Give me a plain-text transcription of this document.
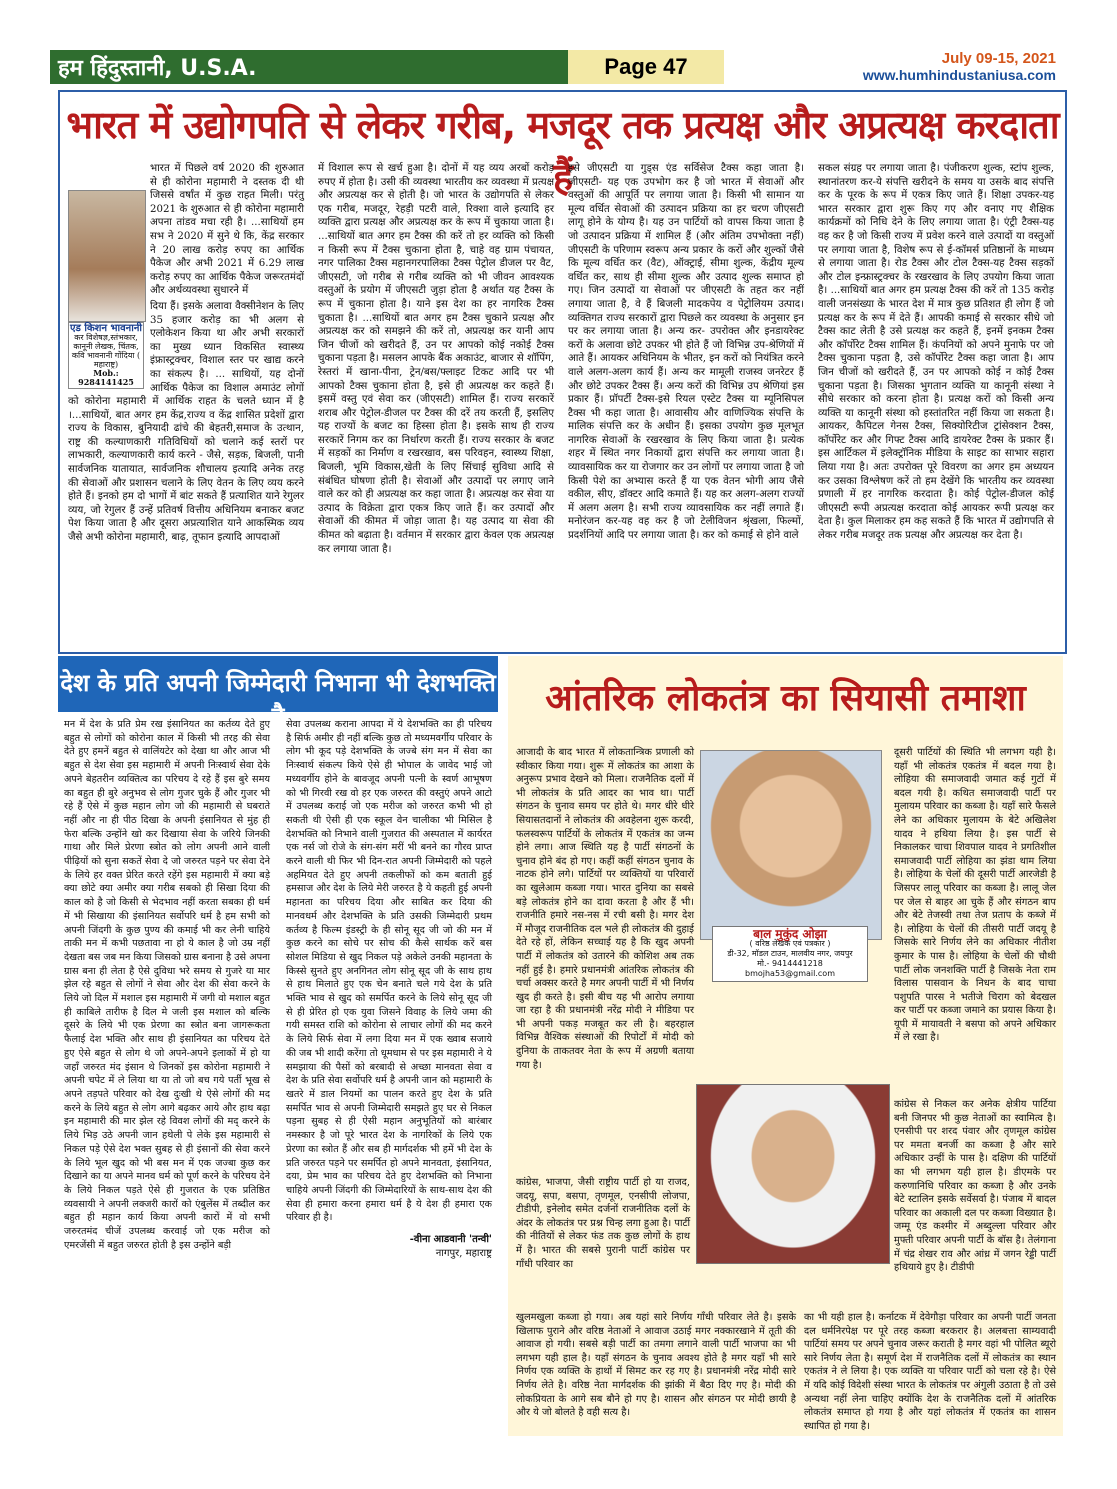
हम हिंदुस्तानी, U.S.A.	Page 47	July 09-15, 2021
www.humhindustaniusa.com
भारत में उद्योगपति से लेकर गरीब, मजदूर तक प्रत्यक्ष और अप्रत्यक्ष करदाता हैं
एड किशन भावनानी
कर विशेषज्ञ,स्तंभकार, कानूनी लेखक, चिंतक, कवि भावनानी गोंदिया ( महाराष्ट्र)
Mob.: 9284141425

भारत में पिछले वर्ष 2020 की शुरुआत से ही कोरोना महामारी ने दस्तक दी थी जिससे वर्षांत में कुछ राहत मिली। परंतु 2021 के शुरुआत से ही कोरोना महामारी अपना तांडव मचा रही है। ...साथियों हम सभ ने 2020 में सुने थे कि, केंद्र सरकार ने 20 लाख करोड़ रुपए का आर्थिक पैकेज और अभी 2021 में 6.29 लाख करोड़ रुपए का आर्थिक पैकेज जरूरतमंदों और अर्थव्यवस्था सुधारने में

दिया हैं। इसके अलावा वैक्सीनेशन के लिए 35 हजार करोड़ का भी अलग से एलोकेशन किया था और अभी सरकारों का मुख्य ध्यान विकसित स्वास्थ्य इंफ्रास्ट्रक्चर, विशाल स्तर पर खाद्य करने का संकल्प है। ... साथियों, यह दोनों आर्थिक पैकेज का विशाल अमाउंट लोगों को कोरोना महामारी में आर्थिक राहत के चलते ध्यान में है ।...साथियों, बात अगर हम केंद्र,राज्य व केंद्र शासित प्रदेशों द्वारा राज्य के विकास, बुनियादी ढांचे की बेहतरी,समाज के उत्थान, राष्ट्र की कल्याणकारी गतिविधियों को चलाने कई स्तरों पर लाभकारी, कल्याणकारी कार्य करने - जैसे, सड़क, बिजली, पानी सार्वजनिक यातायात, सार्वजनिक शौचालय इत्यादि अनेक तरह की सेवाओं और प्रशासन चलाने के लिए वेतन के लिए व्यय करने होते हैं। इनको हम दो भागों में बांट सकते हैं प्रत्याशित याने रेगुलर व्यय, जो रेगुलर हैं उन्हें प्रतिवर्ष वित्तीय अधिनियम बनाकर बजट पेश किया जाता है और दूसरा अप्रत्याशित याने आकस्मिक व्यय जैसे अभी कोरोना महामारी, बाढ़, तूफान इत्यादि आपदाओं

में विशाल रूप से खर्च हुआ है। दोनों में यह व्यय अरबों करोड़ रुपए में होता है। उसी की व्यवस्था भारतीय कर व्यवस्था में प्रत्यक्ष और अप्रत्यक्ष कर से होती है। जो भारत के उद्योगपति से लेकर एक गरीब, मजदूर, रेहड़ी पटरी वाले, रिक्शा वाले इत्यादि हर व्यक्ति द्वारा प्रत्यक्ष और अप्रत्यक्ष कर के रूप में चुकाया जाता है। ...साथियों बात अगर हम टैक्स की करें तो हर व्यक्ति को किसी न किसी रूप में टैक्स चुकाना होता है, चाहे वह ग्राम पंचायत, नगर पालिका टैक्स महानगरपालिका टैक्स पेट्रोल डीजल पर वैट, जीएसटी, जो गरीब से गरीब व्यक्ति को भी जीवन आवश्यक वस्तुओं के प्रयोग में जीएसटी जुड़ा होता है अर्थात यह टैक्स के रूप में चुकाना होता है। याने इस देश का हर नागरिक टैक्स चुकाता है। ...साथियों बात अगर हम टैक्स चुकाने प्रत्यक्ष और अप्रत्यक्ष कर को समझने की करें तो, अप्रत्यक्ष कर यानी आप जिन चीजों को खरीदते हैं, उन पर आपको कोई नकोई टैक्स चुकाना पड़ता है। मसलन आपके बैंक अकाउंट, बाजार से शॉपिंग, रेस्तरां में खाना-पीना, ट्रेन/बस/फ्लाइट टिकट आदि पर भी आपको टैक्स चुकाना होता है, इसे ही अप्रत्यक्ष कर कहते हैं। इसमें वस्तु एवं सेवा कर (जीएसटी) शामिल हैं। राज्य सरकारें शराब और पेट्रोल-डीजल पर टैक्स की दरें तय करती हैं, इसलिए यह राज्यों के बजट का हिस्सा होता है। इसके साथ ही राज्य सरकारें निगम कर का निर्धारण करती हैं। राज्य सरकार के बजट में सड़कों का निर्माण व रखरखाव, बस परिवहन, स्वास्थ्य शिक्षा, बिजली, भूमि विकास,खेती के लिए सिंचाई सुविधा आदि से संबंधित घोषणा होती है। सेवाओं और उत्पादों पर लगाए जाने वाले कर को ही अप्रत्यक्ष कर कहा जाता है। अप्रत्यक्ष कर सेवा या उत्पाद के विक्रेता द्वारा एकत्र किए जाते हैं। कर उत्पादों और सेवाओं की कीमत में जोड़ा जाता है। यह उत्पाद या सेवा की कीमत को बढ़ाता है। वर्तमान में सरकार द्वारा केवल एक अप्रत्यक्ष कर लगाया जाता है।

इसे जीएसटी या गुड्स एंड सर्विसेज टैक्स कहा जाता है। जीएसटी- यह एक उपभोग कर है जो भारत में सेवाओं और वस्तुओं की आपूर्ति पर लगाया जाता है। किसी भी सामान या मूल्य वर्धित सेवाओं की उत्पादन प्रक्रिया का हर चरण जीएसटी लागू होने के योग्य है। यह उन पार्टियों को वापस किया जाता है जो उत्पादन प्रक्रिया में शामिल हैं (और अंतिम उपभोक्ता नहीं) जीएसटी के परिणाम स्वरूप अन्य प्रकार के करों और शुल्कों जैसे कि मूल्य वर्धित कर (वैट), ऑक्ट्राई, सीमा शुल्क, केंद्रीय मूल्य वर्धित कर, साथ ही सीमा शुल्क और उत्पाद शुल्क समाप्त हो गए। जिन उत्पादों या सेवाओं पर जीएसटी के तहत कर नहीं लगाया जाता है, वे हैं बिजली मादकपेय व पेट्रोलियम उत्पाद। व्यक्तिगत राज्य सरकारों द्वारा पिछले कर व्यवस्था के अनुसार इन पर कर लगाया जाता है। अन्य कर- उपरोक्त और इनडायरेक्ट करों के अलावा छोटे उपकर भी होते हैं जो विभिन्न उप-श्रेणियों में आते हैं। आयकर अधिनियम के भीतर, इन करों को नियंत्रित करने वाले अलग-अलग कार्य हैं। अन्य कर मामूली राजस्व जनरेटर हैं और छोटे उपकर टैक्स हैं। अन्य करों की विभिन्न उप श्रेणियां इस प्रकार हैं। प्रॉपर्टी टैक्स-इसे रियल एस्टेट टैक्स या म्यूनिसिपल टैक्स भी कहा जाता है। आवासीय और वाणिज्यिक संपत्ति के मालिक संपत्ति कर के अधीन हैं। इसका उपयोग कुछ मूलभूत नागरिक सेवाओं के रखरखाव के लिए किया जाता है। प्रत्येक शहर में स्थित नगर निकायों द्वारा संपत्ति कर लगाया जाता है। व्यावसायिक कर या रोजगार कर उन लोगों पर लगाया जाता है जो किसी पेशे का अभ्यास करते हैं या एक वेतन भोगी आय जैसे वकील, सीए, डॉक्टर आदि कमाते हैं। यह कर अलग-अलग राज्यों में अलग अलग है। सभी राज्य व्यावसायिक कर नहीं लगाते हैं। मनोरंजन कर-यह वह कर है जो टेलीविजन श्रृंखला, फिल्मों, प्रदर्शनियों आदि पर लगाया जाता है। कर को कमाई से होने वाले

सकल संग्रह पर लगाया जाता है। पंजीकरण शुल्क, स्टांप शुल्क, स्थानांतरण कर-ये संपत्ति खरीदने के समय या उसके बाद संपत्ति कर के पूरक के रूप में एकत्र किए जाते हैं। शिक्षा उपकर-यह भारत सरकार द्वारा शुरू किए गए और वनाए गए शैक्षिक कार्यक्रमों को निधि देने के लिए लगाया जाता है। एंट्री टैक्स-यह वह कर है जो किसी राज्य में प्रवेश करने वाले उत्पादों या वस्तुओं पर लगाया जाता है, विशेष रूप से ई-कॉमर्स प्रतिष्ठानों के माध्यम से लगाया जाता है। रोड टैक्स और टोल टैक्स-यह टैक्स सड़कों और टोल इन्फ्रास्ट्रक्चर के रखरखाव के लिए उपयोग किया जाता है। ...साथियों बात अगर हम प्रत्यक्ष टैक्स की करें तो 135 करोड़ वाली जनसंख्या के भारत देश में मात्र कुछ प्रतिशत ही लोग हैं जो प्रत्यक्ष कर के रूप में देते हैं। आपकी कमाई से सरकार सीधे जो टैक्स काट लेती है उसे प्रत्यक्ष कर कहते हैं, इनमें इनकम टैक्स और कॉर्पोरेट टैक्स शामिल हैं। कंपनियों को अपने मुनाफे पर जो टैक्स चुकाना पड़ता है, उसे कॉर्पोरेट टैक्स कहा जाता है। आप जिन चीजों को खरीदते हैं, उन पर आपको कोई न कोई टैक्स चुकाना पड़ता है। जिसका भुगतान व्यक्ति या कानूनी संस्था ने सीधे सरकार को करना होता है। प्रत्यक्ष करों को किसी अन्य व्यक्ति या कानूनी संस्था को हस्तांतरित नहीं किया जा सकता है। आयकर, कैपिटल गेनस टैक्स, सिक्योरिटीज ट्रांसेक्शन टैक्स, कॉर्पोरेट कर और गिफ्ट टैक्स आदि डायरेक्ट टैक्स के प्रकार हैं। इस आर्टिकल में इलेक्ट्रॉनिक मीडिया के साइट का साभार सहारा लिया गया है। अतः उपरोक्त पूरे विवरण का अगर हम अध्ययन कर उसका विश्लेषण करें तो हम देखेंगे कि भारतीय कर व्यवस्था प्रणाली में हर नागरिक करदाता है। कोई पेट्रोल-डीजल कोई जीएसटी रूपी अप्रत्यक्ष करदाता कोई आयकर रूपी प्रत्यक्ष कर देता है। कुल मिलाकर हम कह सकते हैं कि भारत में उद्योगपति से लेकर गरीब मजदूर तक प्रत्यक्ष और अप्रत्यक्ष कर देता है।

देश के प्रति अपनी जिम्मेदारी निभाना भी देशभक्ति है

मन में देश के प्रति प्रेम रख इंसानियत का कर्तव्य देते हुए बहुत से लोगों को कोरोना काल में किसी भी तरह की सेवा देते हुए हमनें बहुत से वालिंयटेर को देखा था और आज भी बहुत से देश सेवा इस महामारी में अपनी निःस्वार्थ सेवा देके अपने बेहतरीन व्यक्तित्व का परिचय दे रहे हैं इस बुरे समय का बहुत ही बुरे अनुभव से लोग गुजर चुके हैं और गुजर भी रहे हैं ऐसे में कुछ महान लोग जो की महामारी से घबराते नहीं और ना ही पीठ दिखा के अपनी इंसानियत से मुंह ही फेरा बल्कि उन्होंने खो कर दिखाया सेवा के जरिये जिनकी गाथा और मिले प्रेरणा स्त्रोत को लोग अपनी आने वाली पीढ़ियों को सुना सकतें सेवा दे जो जरुरत पड़ने पर सेवा देने के लिये हर वक्त प्रेरित करते रहेंगे इस महामारी में क्या बड़े क्या छोटे क्या अमीर क्या गरीब सबको ही सिखा दिया की काल को है जो किसी से भेदभाव नहीं करता सबका ही धर्म में भी सिखाया की इंसानियत सर्वोपरि धर्म है हम सभी को अपनी जिंदगी के कुछ पुण्य की कमाई भी कर लेनी चाहिये ताकी मन में कभी पछतावा ना हो ये काल है जो उम्र नहीं देखता बस जब मन किया जिसको ग्रास बनाना है उसे अपना ग्रास बना ही लेता है ऐसे दुविधा भरे समय से गुजरे या मार झेल रहे बहुत से लोगों ने सेवा और देश की सेवा करने के लिये जो दिल में मशाल इस महामारी में जगी वो मशाल बहुत ही काबिले तारीफ है दिल मे जली इस मशाल को बल्कि दूसरे के लिये भी एक प्रेरणा का स्त्रोत बना जागरूकता फैलाई देश भक्ति और साथ ही इंसानियत का परिचय देते हुए ऐसे बहुत से लोग थे जो अपने-अपने इलाकों में हो या जहाँ जरुरत मंद इंसान थे जिनकों इस कोरोना महामारी ने अपनी चपेट में ले लिया था या तो जो बच गये पर्ती भूख से अपने तड़पते परिवार को देख दुःखी थे ऐसे लोगों की मद करने के लिये बहुत से लोग आगे बढ़कर आये और हाथ बढ़ा इन महामारी की मार झेल रहे विवश लोगों की मद् करने के लिये भिड़ उठे अपनी जान हथेली पे लेके इस महामारी से निकल पड़े ऐसे देश भक्त सुबह से ही इंसानों की सेवा करने के लिये भूल खुद को भी बस मन में एक जज्बा कुछ कर दिखाने का या अपने मानव धर्म को पूर्ण करने के परिचय देने के लिये निकल पड़ते ऐसे ही गुजरात के एक प्रतिष्ठित व्यवसायी ने अपनी लक्जरी कारों को एंबुलेंस में तब्दील कर बहुत ही महान कार्य किया अपनी कारों में वो सभी जरुरतमंद चीजें उपलब्ध करवाई जो एक मरीज को एमरजेंसी में बहुत जरुरत होती है इस उन्होंने बड़ी

सेवा उपलब्ध कराना आपदा में ये देशभक्ति का ही परिचय है सिर्फ अमीर ही नहीं बल्कि कुछ तो मध्यमवर्गीय परिवार के लोग भी कूद पड़े देशभक्ति के जज्बे संग मन में सेवा का निःस्वार्थ संकल्प किये ऐसे ही भोपाल के जावेद भाई जो मध्यवर्गीय होने के बावजूद अपनी पत्नी के स्वर्ण आभूषण को भी गिरवी रख वो हर एक जरुरत की वस्तुएं अपने आटो में उपलब्ध कराई जो एक मरीज को जरुरत कभी भी हो सकती थी ऐसी ही एक स्कूल वेन चालीका भी मिसिल है देशभक्ति को निभाने वाली गुजरात की अस्पताल में कार्यरत एक नर्स जो रोजे के संग-संग मरीं भी बनने का गौरव प्राप्त करने वाली थी फिर भी दिन-रात अपनी जिम्मेदारी को पहले अहमियत देते हुए अपनी तकलीफों को कम बताती हुई हमसाज और देश के लिये मेरी जरुरत है ये कहती हुई अपनी महानता का परिचय दिया और साबित कर दिया की मानवधर्म और देशभक्ति के प्रति उसकी जिम्मेदारी प्रथम कर्तव्य है फिल्म इंडस्ट्री के ही सोनू सूद जी जो की मन में कुछ करने का सोचे पर सोच की कैसे सार्थक करें बस सोशल मिडिया से खुद निकल पड़े अकेले उनकी महानता के किस्से सुनते हुए अनगिनत लोग सोनू सूद जी के साथ हाथ से हाथ मिलाते हुए एक चेन बनाते चले गये देश के प्रति भक्ति भाव से खुद को समर्पित करने के लिये सोनू सूद जी से ही प्रेरित हो एक युवा जिसने विवाह के लिये जमा की गयी समस्त राशि को कोरोना से लाचार लोगों की मद करने के लिये सिर्फ सेवा में लगा दिया मन में एक ख्वाब सजाये की जब भी शादी करेंगा तो धूमधाम से पर इस महामारी ने ये समझाया की पैसों को बरबादी से अच्छा मानवता सेवा व देश के प्रति सेवा सर्वोपरि धर्म है अपनी जान को महामारी के खतरे में डाल नियमों का पालन करते हुए देश के प्रति समर्पित भाव से अपनी जिम्मेदारी समझते हुए घर से निकल पड़ना सुबह से ही ऐसी महान अनुभूतियों को बारंबार नमस्कार है जो पूरे भारत देश के नागरिकों के लिये एक प्रेरणा का स्त्रोत हैं और सब ही मार्गदर्शक भी हमें भी देश के प्रति जरुरत पड़ने पर समर्पित हो अपने मानवता, इंसानियत, दया, प्रेम भाव का परिचय देते हुए देशभक्ति को निभाना चाहिये अपनी जिंदगी की जिम्मेदारियों के साथ-साथ देश की सेवा ही हमारा करना हमारा धर्म है ये देश ही हमारा एक परिवार ही है।

-वीना आडवानी 'तन्वी'

नागपुर, महाराष्ट्र

आंतरिक लोकतंत्र का सियासी तमाशा

आजादी के बाद भारत में लोकतान्त्रिक प्रणाली को स्वीकार किया गया। शुरू में लोकतंत्र का आशा के अनुरूप प्रभाव देखने को मिला। राजनैतिक दलों में भी लोकतंत्र के प्रति आदर का भाव था। पार्टी संगठन के चुनाव समय पर होते थे। मगर धीरे धीरे सियासतदानों ने लोकतंत्र की अवहेलना शुरू करदी, फलस्वरूप पार्टियों के लोकतंत्र में एकतंत्र का जन्म होने लगा। आज स्थिति यह है पार्टी संगठनों के चुनाव होने बंद हो गए। कहीं कहीं संगठन चुनाव के नाटक होने लगे। पार्टियों पर व्यक्तियों या परिवारों का खुलेआम कब्जा गया। भारत दुनिया का सबसे बड़े लोकतंत्र होने का दावा करता है और हैं भी। राजनीति हमारे नस-नस में रची बसी है। मगर देश में मौजूद राजनीतिक दल भले ही लोकतंत्र की दुहाई देते रहे हों, लेकिन सच्चाई यह है कि खुद अपनी पार्टी में लोकतंत्र को उतारने की कोशिश अब तक नहीं हुई है। हमारे प्रधानमंत्री आंतरिक लोकतंत्र की चर्चा अक्सर करते है मगर अपनी पार्टी में भी निर्णय खुद ही करते है। इसी बीच यह भी आरोप लगाया जा रहा है की प्रधानमंत्री नरेंद्र मोदी ने मीडिया पर भी अपनी पकड़ मजबूत कर ली है। बहरहाल विभिन्न वैश्विक संस्थाओं की रिपोर्टों में मोदी को दुनिया के ताकतवर नेता के रूप में अग्रणी बताया गया है।

कांग्रेस, भाजपा, जैसी राष्ट्रीय पार्टी हो या राजद, जदयू, सपा, बसपा, तृणमूल, एनसीपी लोजपा, टीडीपी, इनेलोद समेत दर्जनों राजनीतिक दलों के अंदर के लोकतंत्र पर प्रश्न चिन्ह लगा हुआ है। पार्टी की नीतियों से लेकर फंड तक कुछ लोगों के हाथ में है। भारत की सबसे पुरानी पार्टी कांग्रेस पर गाँधी परिवार का

बाल मुकुंद ओझा
( वरिष्ठ लेखक एवं पत्रकार )
डी-32, मॉडल टाउन, मालवीय नगर, जयपुर
मो.- 9414441218
bmojha53@gmail.com

खुलमखुला कब्जा हो गया। अब यहां सारे निर्णय गाँधी परिवार लेते है। इसके खिलाफ पुराने और वरिष्ठ नेताओं ने आवाज उठाई मगर नक्कारखाने में तूती की आवाज हो गयी। सबसे बड़ी पार्टी का तमगा लगाने वाली पार्टी भाजपा का भी लगभग यही हाल है। यहाँ संगठन के चुनाव अवश्य होते है मगर यहाँ भी सारे निर्णय एक व्यक्ति के हाथों में सिमट कर रह गए है। प्रधानमंत्री नरेंद्र मोदी सारे निर्णय लेते है। वरिष्ठ नेता मार्गदर्शक की झांकी में बैठा दिए गए है। मोदी की लोकप्रियता के आगे सब बौने हो गए है। शासन और संगठन पर मोदी छायी है और ये जो बोलते है वही सत्य है।

दूसरी पार्टियों की स्थिति भी लगभग यही है। यहाँ भी लोकतंत्र एकतंत्र में बदल गया है। लोहिया की समाजवादी जमात कई गुटों में बदल गयी है। कथित समाजवादी पार्टी पर मुलायम परिवार का कब्जा है। यहाँ सारे फैसले लेने का अधिकार मुलायम के बेटे अखिलेश यादव ने हथिया लिया है। इस पार्टी से निकालकर चाचा शिवपाल यादव ने प्रगतिशील समाजवादी पार्टी लोहिया का झंडा थाम लिया है। लोहिया के चेलों की दूसरी पार्टी आरजेडी है जिसपर लालू परिवार का कब्जा है। लालू जेल पर जेल से बाहर आ चुके हैं और संगठन बाप और बेटे तेजस्वी तथा तेज प्रताप के कब्जे में है। लोहिया के चेलों की तीसरी पार्टी जदयू है जिसके सारे निर्णय लेने का अधिकार नीतीश कुमार के पास है। लोहिया के चेलों की चौथी पार्टी लोक जनशक्ति पार्टी है जिसके नेता राम विलास पासवान के निधन के बाद चाचा पशुपति पारस ने भतीजे चिराग को बेदखल कर पार्टी पर कब्जा जमाने का प्रयास किया है। यूपी में मायावती ने बसपा को अपने अधिकार में ले रखा है।

कांग्रेस से निकल कर अनेक क्षेत्रीय पार्टिया बनी जिनपर भी कुछ नेताओं का स्वामित्व है। एनसीपी पर शरद पंवार और तृणमूल कांग्रेस पर ममता बनर्जी का कब्जा है और सारे अधिकार उन्हीं के पास है। दक्षिण की पार्टियों का भी लगभग यही हाल है। डीएमके पर करुणानिधि परिवार का कब्जा है और उनके बेटे स्टालिन इसके सर्वेसर्वा है। पंजाब में बादल परिवार का अकाली दल पर कब्जा विख्यात है। जम्मू एंड कश्मीर में अब्दुल्ला परिवार और मुफ्ती परिवार अपनी पार्टी के बॉस है। तेलंगाना में चंद्र शेखर राव और आंध्र में जगन रेड्डी पार्टी हथियाये हुए है। टीडीपी

का भी यही हाल है। कर्नाटक में देवेगौड़ा परिवार का अपनी पार्टी जनता दल धर्मनिरपेक्ष पर पूरे तरह कब्जा बरकरार है। अलबत्ता साम्यवादी पार्टियां समय पर अपने चुनाव जरूर कराती है मगर वहां भी पोलित ब्यूरो सारे निर्णय लेता है। समूर्ण देश में राजनैतिक दलों में लोकतंत्र का स्थान एकतंत्र ने ले लिया है। एक व्यक्ति या परिवार पार्टी को चला रहे है। ऐसे में यदि कोई विदेशी संस्था भारत के लोकतंत्र पर अंगुली उठाता है तो उसे अन्यथा नहीं लेना चाहिए क्योंकि देश के राजनैतिक दलों में आंतरिक लोकतंत्र समाप्त हो गया है और यहां लोकतंत्र में एकतंत्र का शासन स्थापित हो गया है।
